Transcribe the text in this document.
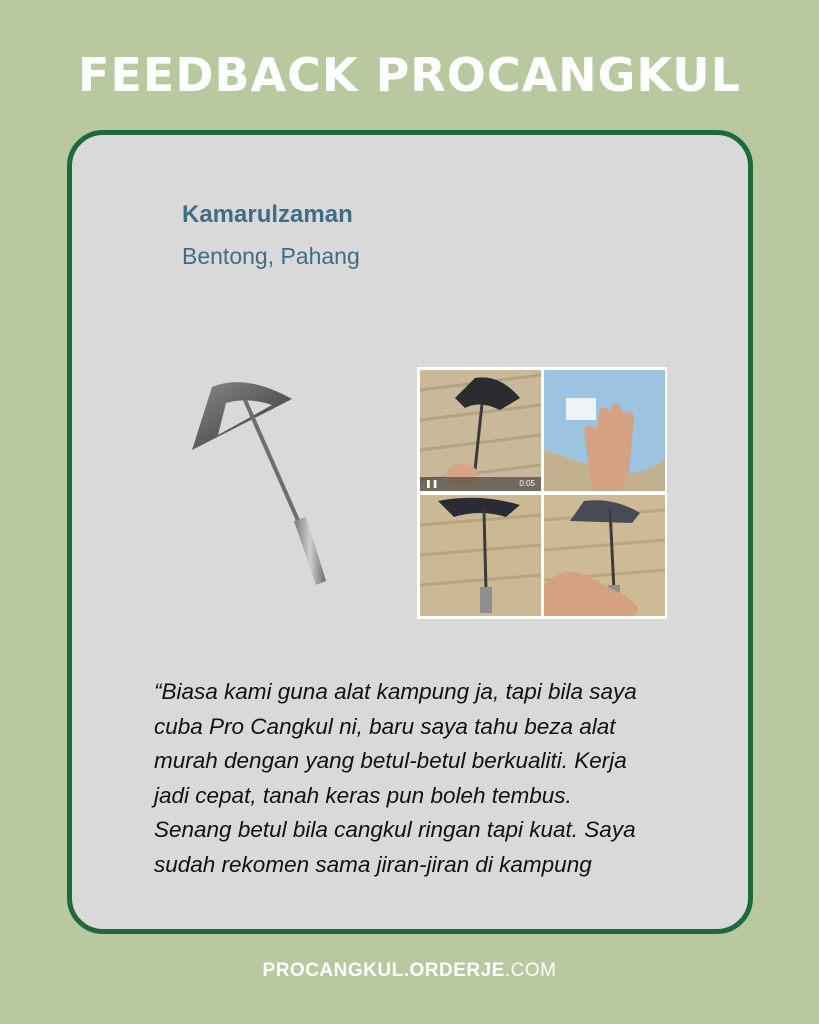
FEEDBACK PROCANGKUL
Kamarulzaman
Bentong, Pahang
❚❚	0:05

“Biasa kami guna alat kampung ja, tapi bila saya

cuba Pro Cangkul ni, baru saya tahu beza alat

murah dengan yang betul-betul berkualiti. Kerja

jadi cepat, tanah keras pun boleh tembus.

Senang betul bila cangkul ringan tapi kuat. Saya

sudah rekomen sama jiran-jiran di kampung

PROCANGKUL.ORDERJE.COM
